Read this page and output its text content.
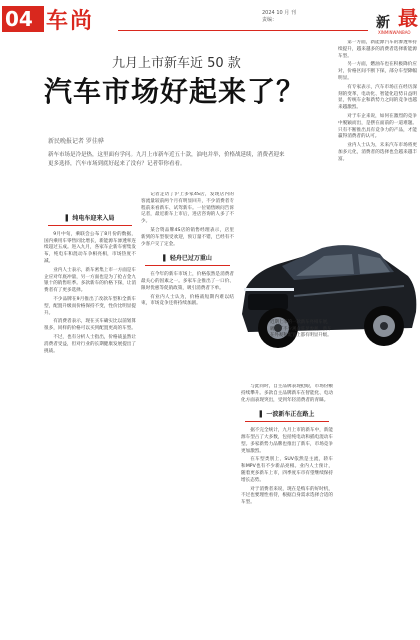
04 车尚	2024 10 月 刊
责编：	新 最
XINMINWANBAO
九月上市新车近 50 款
汽车市场好起来了？
新民晚报记者 罗佳骅
新车市场是冷是热，这里面有学问。九月上市新车近五十款，油电并举，价格战延续，消费者迎来更多选择，汽车市场到底好起来了没有？记者带你看看。
▌ 纯电车迎来入局

9月中旬，乘联会公布了8月份的数据，国内乘用车零售同比增长，新能源车渗透率连续超过五成。进入九月，各家车企新车密集发布，纯电车和混动车争相亮相，市场热度不减。

业内人士表示，新车密集上市一方面是车企应对年底冲量，另一方面也是为了抢占金九银十的销售旺季。多款新车的价格下探，让消费者有了更多选择。

不少品牌在9月推出了改款车型和全新车型，配置升级而价格保持不变，性价比明显提升。

有消费者表示，现在买车确实比以前划算很多，同样的价格可以买到配置更高的车型。

不过，也有分析人士指出，价格战虽然让消费者受益，但对行业的长期健康发展提出了挑战。

记者走访了沪上多家4S店，发现店内的客流量较前两个月有明显回升，不少消费者专程前来看新车、试驾新车。一位销售顾问告诉记者，最近新车上市后，进店咨询的人多了不少。

某合资品牌4S店的销售经理表示，店里新到的车型很受欢迎，预订量不错，已经有不少客户交了定金。

▌ 轻舟已过万重山

在今年的新车市场上，价格依然是消费者最关心的因素之一。多家车企推出了一口价、限时优惠等促销政策，吸引消费者下单。

有业内人士认为，价格战短期内难以结束，市场竞争还将持续加剧。

与此同时，自主品牌表现抢眼，市场份额持续攀升。多款自主品牌新车在智能化、电动化方面表现突出，受到年轻消费者的青睐。

▌ 一波新车正在路上

据不完全统计，九月上市的新车中，新能源车型占了大多数，包括纯电动和插电混动车型。多家新势力品牌也推出了新车，市场竞争更加激烈。

在车型类别上，SUV依然是主流，轿车和MPV也有不少新品亮相。业内人士预计，随着更多新车上市，四季度车市有望继续保持增长态势。

对于消费者来说，现在是购车的好时机，不过也要理性看待，根据自身需求选择合适的车型。

第一方面，新能源汽车的渗透率持续提升，越来越多的消费者选择新能源车型。

另一方面，燃油车也在积极降价应对，价格区间不断下探，部分车型降幅明显。

有专家表示，汽车市场正在经历深刻的变革，电动化、智能化趋势日益明显，传统车企和新势力之间的竞争也越来越激烈。

对于车企来说，如何在激烈的竞争中脱颖而出，是摆在面前的一道难题。只有不断推出具有竞争力的产品，才能赢得消费者的认可。

业内人士认为，未来汽车市场将更加多元化，消费者的选择也会越来越丰富。

近期上市的一款新车亮相车展，吸引了不少观众驻足参观。新车在外观和配置上都有明显升级。
